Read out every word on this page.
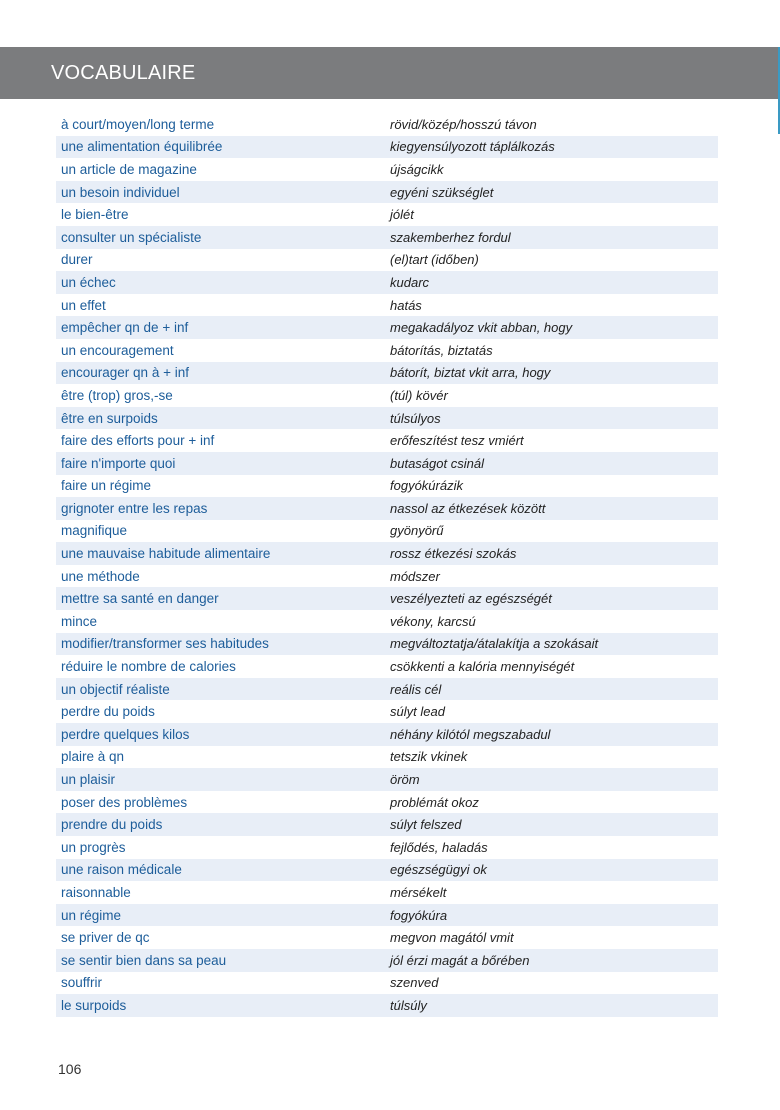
VOCABULAIRE
à court/moyen/long terme	rövid/közép/hosszú távon
une alimentation équilibrée	kiegyensúlyozott táplálkozás
un article de magazine	újságcikk
un besoin individuel	egyéni szükséglet
le bien-être	jólét
consulter un spécialiste	szakemberhez fordul
durer	(el)tart (időben)
un échec	kudarc
un effet	hatás
empêcher qn de + inf	megakadályoz vkit abban, hogy
un encouragement	bátorítás, biztatás
encourager qn à + inf	bátorít, biztat vkit arra, hogy
être (trop) gros,-se	(túl) kövér
être en surpoids	túlsúlyos
faire des efforts pour + inf	erőfeszítést tesz vmiért
faire n'importe quoi	butaságot csinál
faire un régime	fogyókúrázik
grignoter entre les repas	nassol az étkezések között
magnifique	gyönyörű
une mauvaise habitude alimentaire	rossz étkezési szokás
une méthode	módszer
mettre sa santé en danger	veszélyezteti az egészségét
mince	vékony, karcsú
modifier/transformer ses habitudes	megváltoztatja/átalakítja a szokásait
réduire le nombre de calories	csökkenti a kalória mennyiségét
un objectif réaliste	reális cél
perdre du poids	súlyt lead
perdre quelques kilos	néhány kilótól megszabadul
plaire à qn	tetszik vkinek
un plaisir	öröm
poser des problèmes	problémát okoz
prendre du poids	súlyt felszed
un progrès	fejlődés, haladás
une raison médicale	egészségügyi ok
raisonnable	mérsékelt
un régime	fogyókúra
se priver de qc	megvon magától vmit
se sentir bien dans sa peau	jól érzi magát a bőrében
souffrir	szenved
le surpoids	túlsúly
106
